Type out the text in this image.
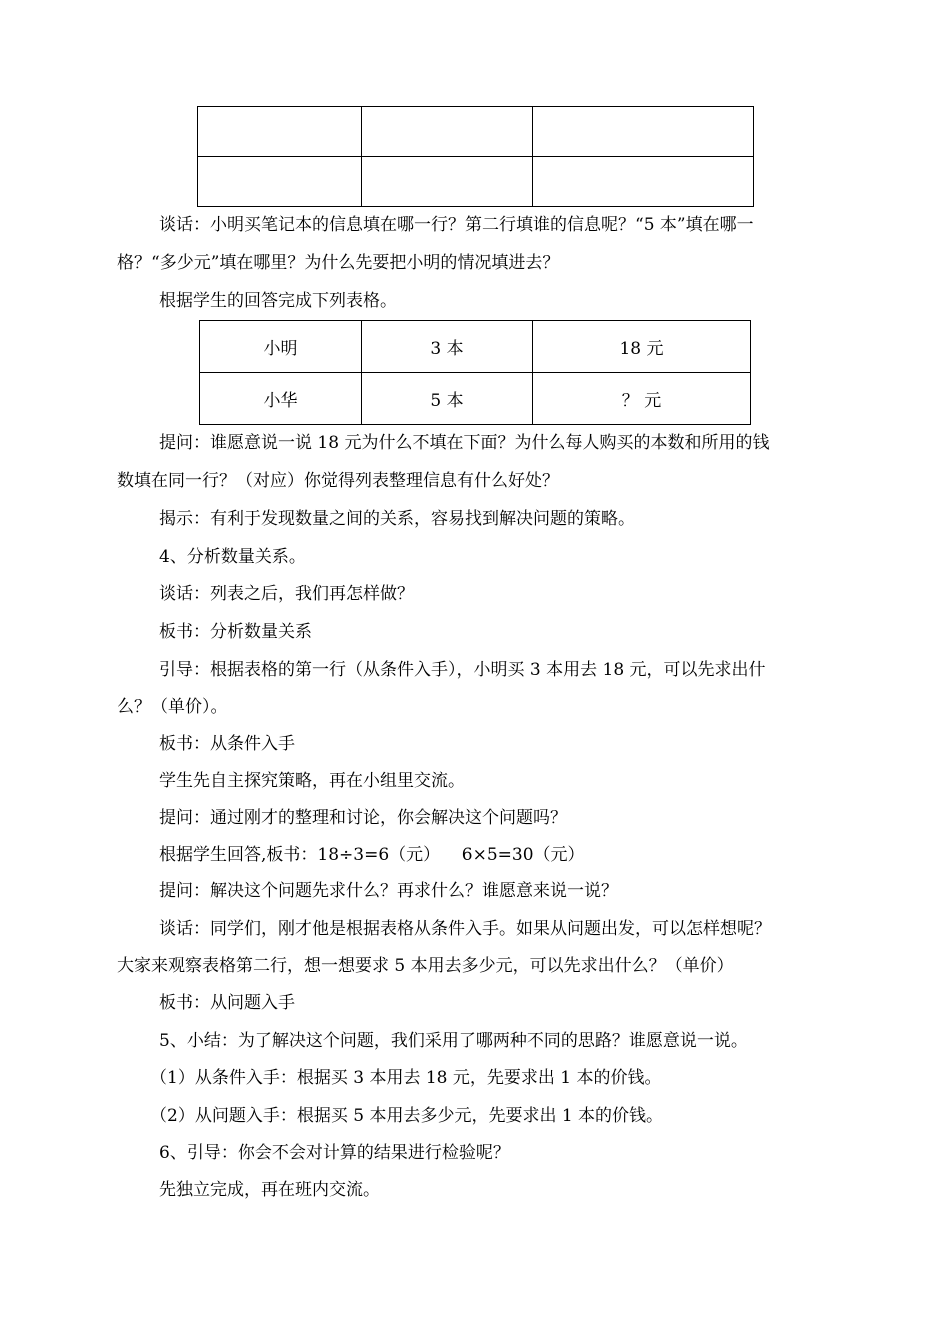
谈话：小明买笔记本的信息填在哪一行？第二行填谁的信息呢？“5 本”填在哪一
格？“多少元”填在哪里？为什么先要把小明的情况填进去？
根据学生的回答完成下列表格。
小明	3 本	18 元
小华	5 本	？ 元
提问：谁愿意说一说 18 元为什么不填在下面？为什么每人购买的本数和所用的钱
数填在同一行？（对应）你觉得列表整理信息有什么好处？
揭示：有利于发现数量之间的关系，容易找到解决问题的策略。
4、分析数量关系。
谈话：列表之后，我们再怎样做？
板书：分析数量关系
引导：根据表格的第一行（从条件入手），小明买 3 本用去 18 元，可以先求出什
么？（单价）。
板书：从条件入手
学生先自主探究策略，再在小组里交流。
提问：通过刚才的整理和讨论，你会解决这个问题吗？
根据学生回答,板书：18÷3=6（元）    6×5=30（元）
提问：解决这个问题先求什么？再求什么？谁愿意来说一说？
谈话：同学们，刚才他是根据表格从条件入手。如果从问题出发，可以怎样想呢？
大家来观察表格第二行，想一想要求 5 本用去多少元，可以先求出什么？（单价）
板书：从问题入手
5、小结：为了解决这个问题，我们采用了哪两种不同的思路？谁愿意说一说。
（1）从条件入手：根据买 3 本用去 18 元，先要求出 1 本的价钱。
（2）从问题入手：根据买 5 本用去多少元，先要求出 1 本的价钱。
6、引导：你会不会对计算的结果进行检验呢？
先独立完成，再在班内交流。
